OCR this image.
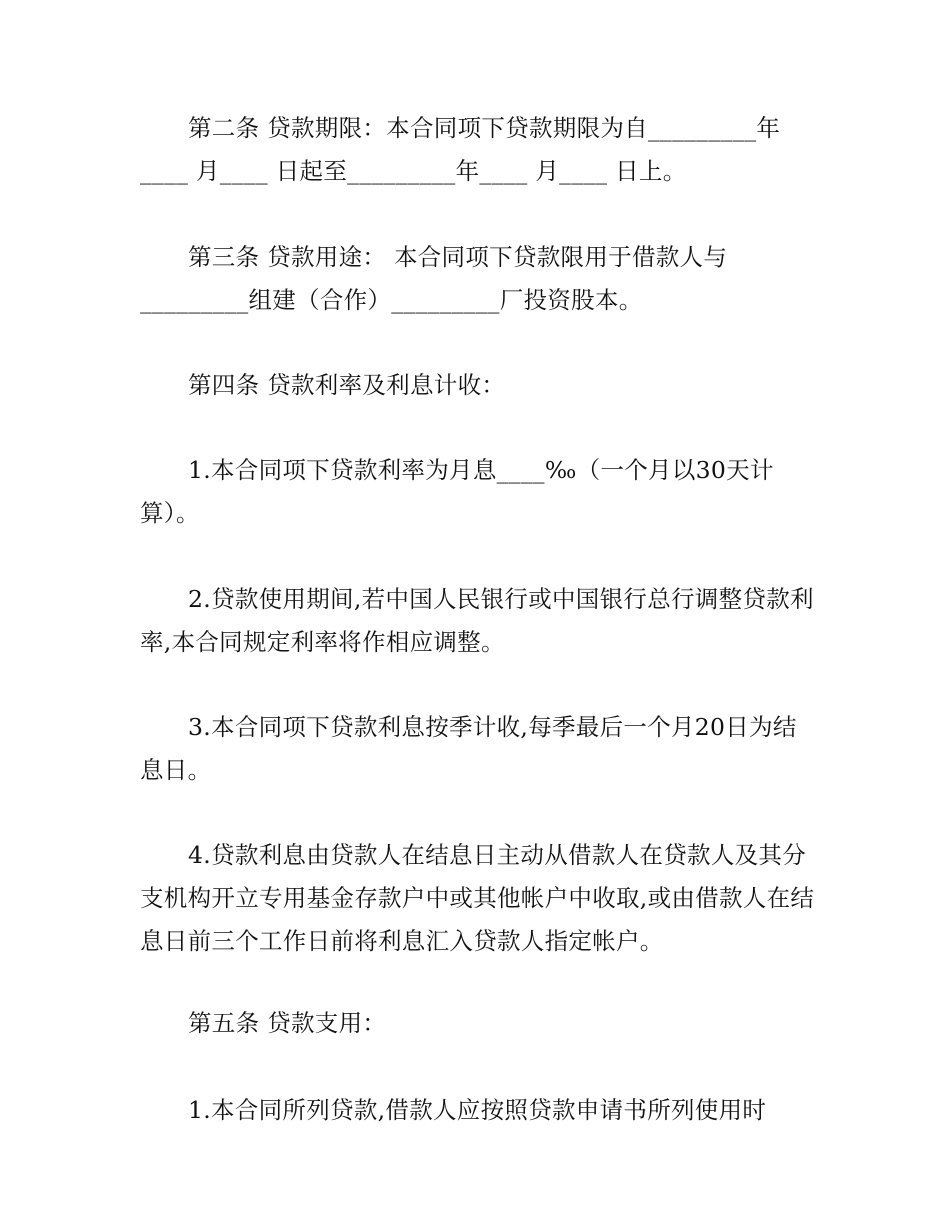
第二条 贷款期限：本合同项下贷款期限为自_________年____ 月____ 日起至_________年____ 月____ 日上。

第三条 贷款用途： 本合同项下贷款限用于借款人与_________组建（合作）_________厂投资股本。

第四条 贷款利率及利息计收：

1.本合同项下贷款利率为月息____‰（一个月以30天计算）。

2.贷款使用期间,若中国人民银行或中国银行总行调整贷款利率,本合同规定利率将作相应调整。

3.本合同项下贷款利息按季计收,每季最后一个月20日为结息日。

4.贷款利息由贷款人在结息日主动从借款人在贷款人及其分支机构开立专用基金存款户中或其他帐户中收取,或由借款人在结息日前三个工作日前将利息汇入贷款人指定帐户。

第五条 贷款支用：

1.本合同所列贷款,借款人应按照贷款申请书所列使用时
